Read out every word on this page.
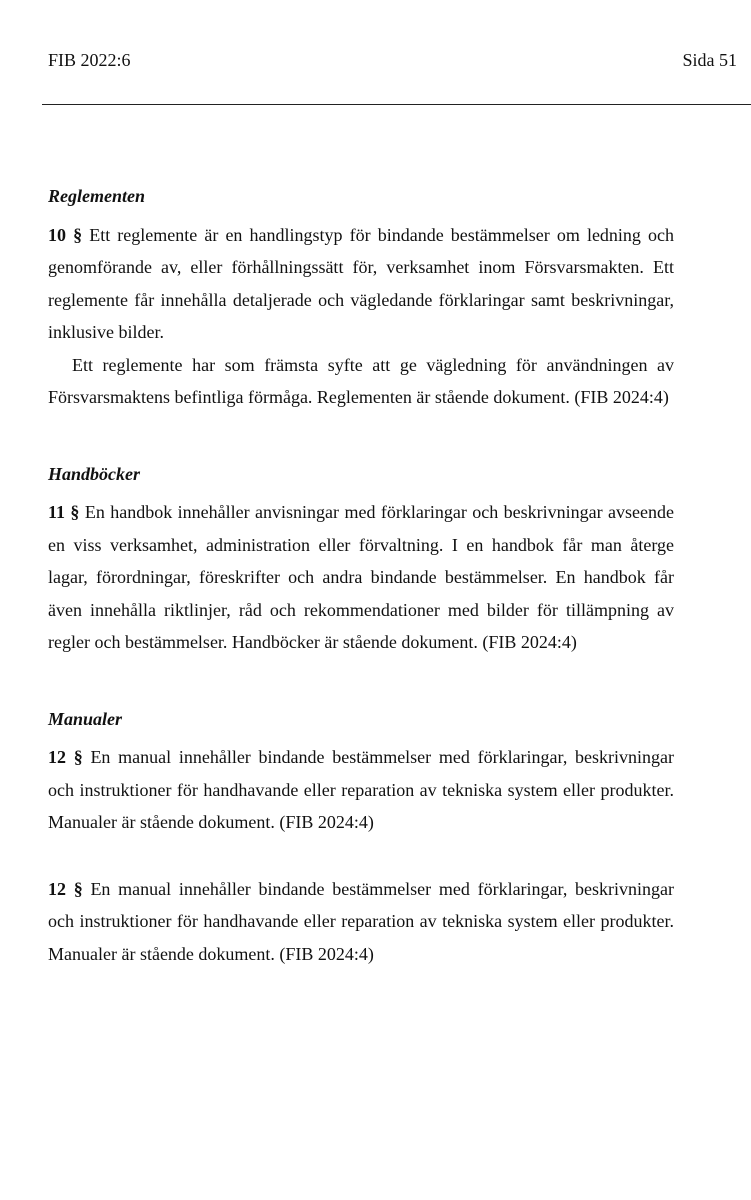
FIB 2022:6	Sida 51
Reglementen

10 § Ett reglemente är en handlingstyp för bindande bestämmelser om ledning och genomförande av, eller förhållningssätt för, verksamhet inom Försvarsmakten. Ett reglemente får innehålla detaljerade och vägledande förklaringar samt beskrivningar, inklusive bilder.

Ett reglemente har som främsta syfte att ge vägledning för användningen av Försvarsmaktens befintliga förmåga. Reglementen är stående dokument. (FIB 2024:4)

Handböcker

11 § En handbok innehåller anvisningar med förklaringar och beskrivningar avseende en viss verksamhet, administration eller förvaltning. I en handbok får man återge lagar, förordningar, föreskrifter och andra bindande bestämmelser. En handbok får även innehålla riktlinjer, råd och rekommendationer med bilder för tillämpning av regler och bestämmelser. Handböcker är stående dokument. (FIB 2024:4)

Manualer

12 § En manual innehåller bindande bestämmelser med förklaringar, beskrivningar och instruktioner för handhavande eller reparation av tekniska system eller produkter. Manualer är stående dokument. (FIB 2024:4)

12 § En manual innehåller bindande bestämmelser med förklaringar, beskrivningar och instruktioner för handhavande eller reparation av tekniska system eller produkter. Manualer är stående dokument. (FIB 2024:4)
